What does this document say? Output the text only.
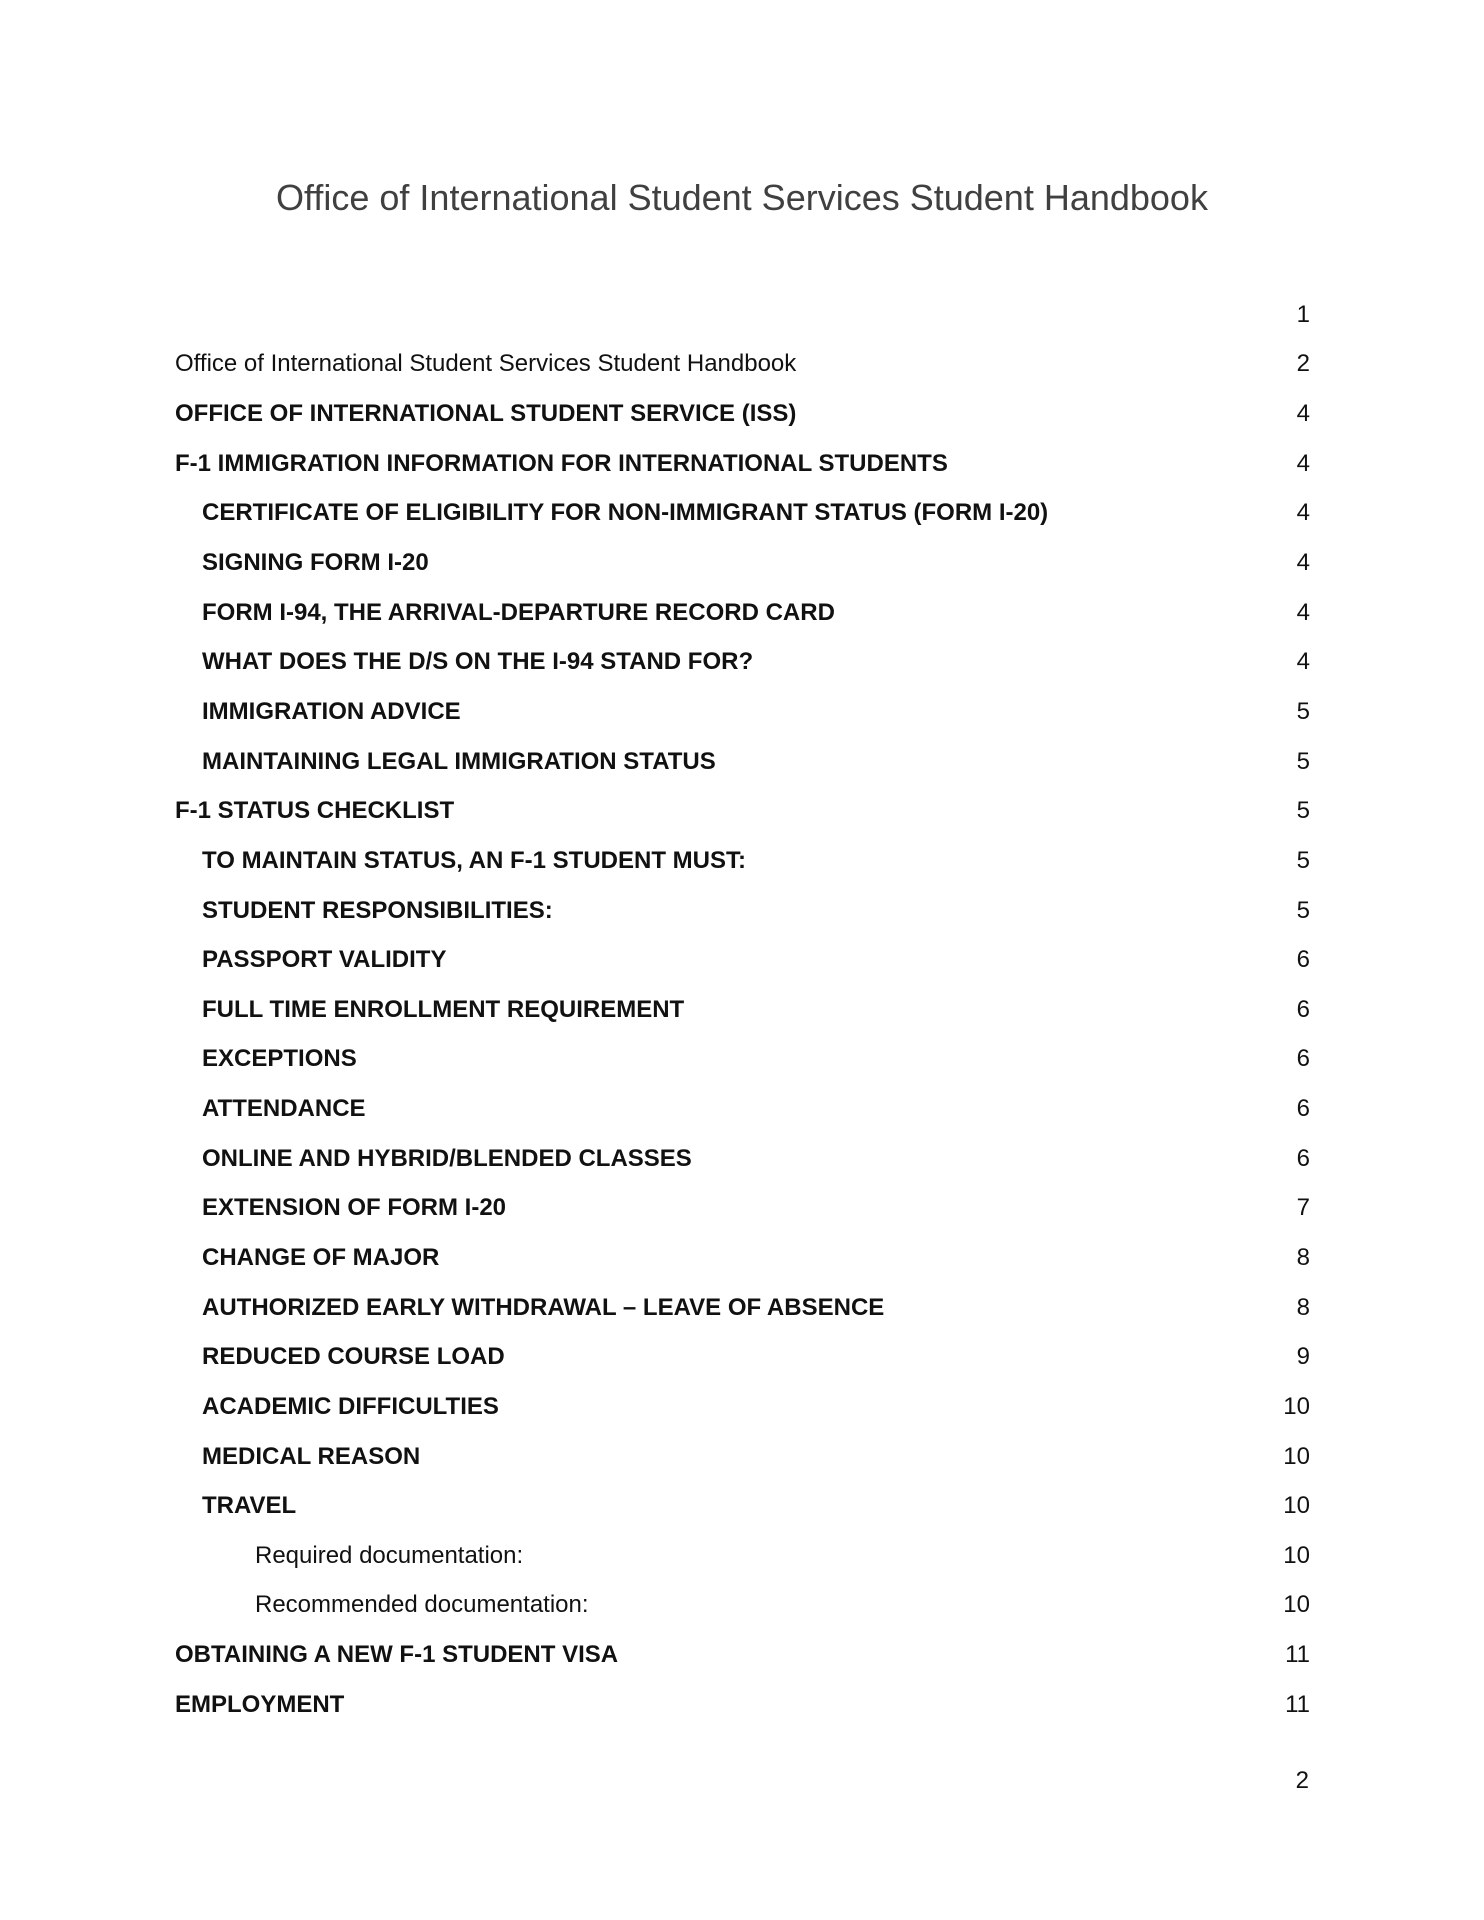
Office of International Student Services Student Handbook
1
Office of International Student Services Student Handbook	2
OFFICE OF INTERNATIONAL STUDENT SERVICE (ISS)	4
F-1 IMMIGRATION INFORMATION FOR INTERNATIONAL STUDENTS	4
CERTIFICATE OF ELIGIBILITY FOR NON-IMMIGRANT STATUS (FORM I-20)	4
SIGNING FORM I-20	4
FORM I-94, THE ARRIVAL-DEPARTURE RECORD CARD	4
WHAT DOES THE D/S ON THE I-94 STAND FOR?	4
IMMIGRATION ADVICE	5
MAINTAINING LEGAL IMMIGRATION STATUS	5
F-1 STATUS CHECKLIST	5
TO MAINTAIN STATUS, AN F-1 STUDENT MUST:	5
STUDENT RESPONSIBILITIES:	5
PASSPORT VALIDITY	6
FULL TIME ENROLLMENT REQUIREMENT	6
EXCEPTIONS	6
ATTENDANCE	6
ONLINE AND HYBRID/BLENDED CLASSES	6
EXTENSION OF FORM I-20	7
CHANGE OF MAJOR	8
AUTHORIZED EARLY WITHDRAWAL – LEAVE OF ABSENCE	8
REDUCED COURSE LOAD	9
ACADEMIC DIFFICULTIES	10
MEDICAL REASON	10
TRAVEL	10
Required documentation:	10
Recommended documentation:	10
OBTAINING A NEW F-1 STUDENT VISA	11
EMPLOYMENT	11
2
